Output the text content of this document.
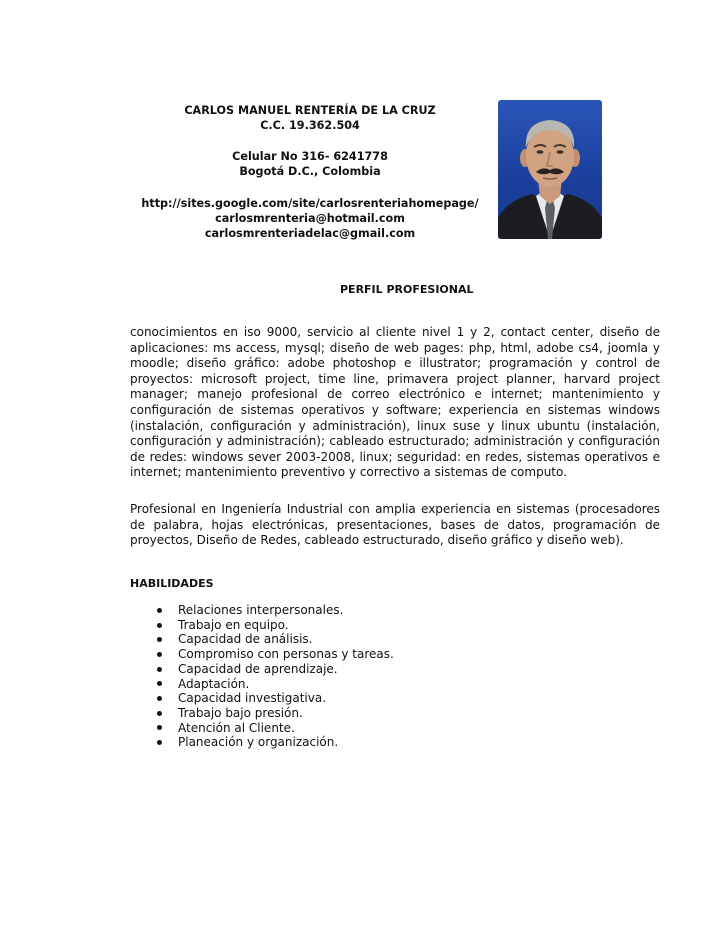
CARLOS MANUEL RENTERÍA DE LA CRUZ
C.C. 19.362.504
Celular No 316- 6241778
Bogotá D.C., Colombia
http://sites.google.com/site/carlosrenteriahomepage/
carlosmrenteria@hotmail.com
carlosmrenteriadelac@gmail.com
PERFIL PROFESIONAL

conocimientos en iso 9000, servicio al cliente nivel 1 y 2, contact center, diseño de aplicaciones: ms access, mysql; diseño de web pages: php, html, adobe cs4, joomla y moodle; diseño gráfico: adobe photoshop e illustrator; programación y control de proyectos: microsoft project, time line, primavera project planner, harvard project manager; manejo profesional de correo electrónico e internet; mantenimiento y configuración de sistemas operativos y software; experiencia en sistemas windows (instalación, configuración y administración), linux suse y linux ubuntu (instalación, configuración y administración); cableado estructurado; administración y configuración de redes: windows sever 2003-2008, linux; seguridad: en redes, sistemas operativos e internet; mantenimiento preventivo y correctivo a sistemas de computo.

Profesional en Ingeniería Industrial con amplia experiencia en sistemas (procesadores de palabra, hojas electrónicas, presentaciones, bases de datos, programación de proyectos, Diseño de Redes, cableado estructurado, diseño gráfico y diseño web).

HABILIDADES
Relaciones interpersonales.
Trabajo en equipo.
Capacidad de análisis.
Compromiso con personas y tareas.
Capacidad de aprendizaje.
Adaptación.
Capacidad investigativa.
Trabajo bajo presión.
Atención al Cliente.
Planeación y organización.
